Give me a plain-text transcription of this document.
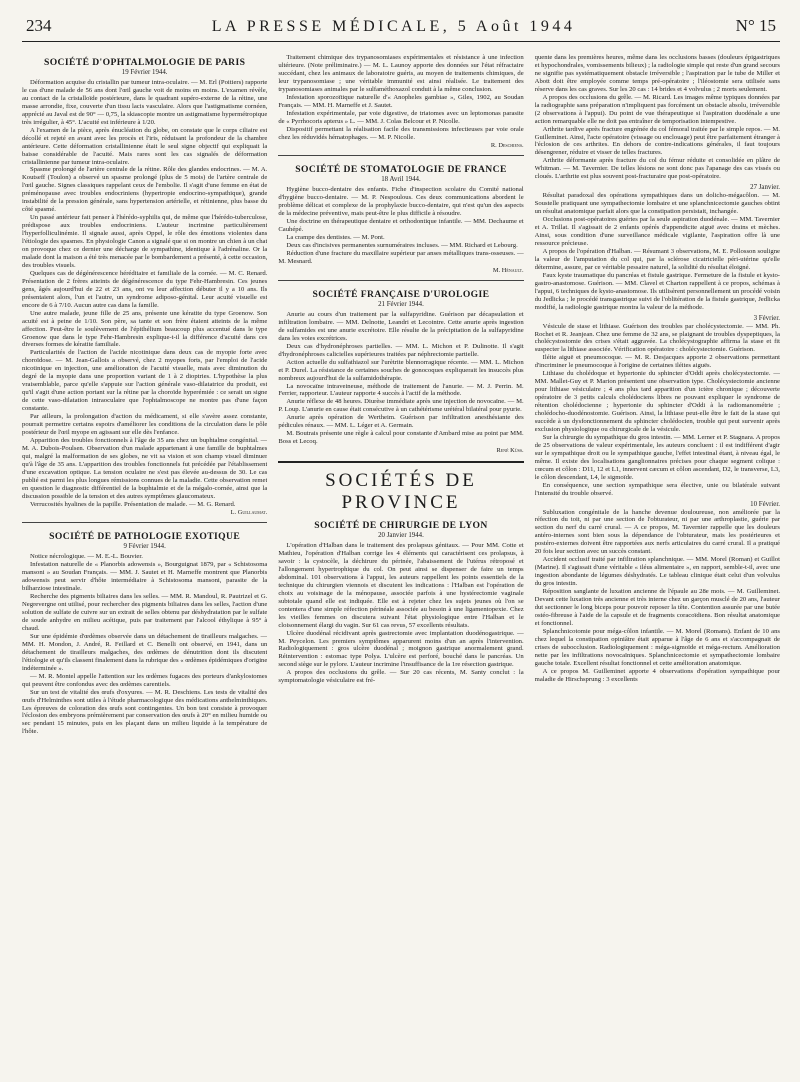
234	LA PRESSE MÉDICALE, 5 Août 1944	N° 15
SOCIÉTÉ D'OPHTALMOLOGIE DE PARIS
19 Février 1944.

Déformation acquise du cristallin par tumeur intra-oculaire. — M. Erl (Poitiers) rapporte le cas d'une malade de 56 ans dont l'œil gauche voit de moins en moins. L'examen révèle, au contact de la cristalloïde postérieure, dans le quadrant supéro-externe de la rétine, une masse arrondie, fixe, couverte d'un tissu lacis vasculaire. Alors que l'astigmatisme cornéen, apprécié au Javal est de 90° — 0,75, la skiascopie montre un astigmatisme hypermétropique très irrégulier, à 45°. L'acuité est inférieure à 1/20.

A l'examen de la pièce, après énucléation du globe, on constate que le corps ciliaire est décollé et rejeté en avant avec les procès et l'iris, réduisant la profondeur de la chambre antérieure. Cette déformation cristallinienne était le seul signe objectif qui expliquait la baisse considérable de l'acuité. Mais rares sont les cas signalés de déformation cristallinienne par tumeur intra-oculaire.

Spasme prolongé de l'artère centrale de la rétine. Rôle des glandes endocrines. — M. A. Koutseff (Toulon) a observé un spasme prolongé (plus de 5 mois) de l'artère centrale de l'œil gauche. Signes classiques rappelant ceux de l'embolie. Il s'agit d'une femme en état de préménopause avec troubles endocriniens (hypertropie endocrino-sympathique), grande instabilité de la pression générale, sans hypertension artérielle, et rétinienne, plus basse du côté spasmé.

Un passé antérieur fait penser à l'hérédo-syphilis qui, de même que l'hérédo-tuberculose, prédispose aux troubles endocriniens. L'auteur incrimine particulièrement l'hyperfolliculinémie. Il signale aussi, après Oppel, le rôle des émotions violentes dans l'étiologie des spasmes. En physiologie Canon a signalé que si on montre un chien à un chat on provoque chez ce dernier une décharge de sympathine, identique à l'adrénaline. Or la malade dont la maison a été très menacée par le bombardement a présenté, à cette occasion, des troubles visuels.

Quelques cas de dégénérescence héréditaire et familiale de la cornée. — M. C. Renard. Présentation de 2 frères atteints de dégénérescence du type Fehr-Hambresin. Ces jeunes gens, âgés aujourd'hui de 22 et 23 ans, ont vu leur affection débuter il y a 10 ans. Ils présentaient alors, l'un et l'autre, un syndrome adiposo-génital. Leur acuité visuelle est encore de 6 à 7/10. Aucun autre cas dans la famille.

Une autre malade, jeune fille de 25 ans, présente une kératite du type Groenow. Son acuité est à peine de 1/10. Son père, sa tante et son frère étaient atteints de la même affection. Peut-être le soulèvement de l'épithélium beaucoup plus accentué dans le type Groenow que dans le type Fehr-Hambresin explique-t-il la différence d'acuité dans ces diverses formes de kératite familiale.

Particularités de l'action de l'acide nicotinique dans deux cas de myopie forte avec choroïdose. — M. Jean-Gallois a observé, chez 2 myopes forts, par l'emploi de l'acide nicotinique en injection, une amélioration de l'acuité visuelle, mais avec diminution du degré de la myopie dans une proportion variant de 1 à 2 dioptries. L'hypothèse la plus vraisemblable, parce qu'elle s'appuie sur l'action générale vaso-dilatatrice du produit, est qu'il s'agit d'une action portant sur la rétine par la choroïde hyperémiée : ce serait un signe de cette vaso-dilatation intraoculaire que l'ophtalmoscope ne montre pas d'une façon constante.

Par ailleurs, la prolongation d'action du médicament, si elle s'avère assez constante, pourrait permettre certains espoirs d'améliorer les conditions de la circulation dans le pôle postérieur de l'œil myope en agissant sur elle dès l'enfance.

Apparition des troubles fonctionnels à l'âge de 35 ans chez un buphtalme congénital. — M. A. Dubois-Poulsen. Observation d'un malade appartenant à une famille de buphtalmes qui, malgré la malformation de ses globes, ne vit sa vision et son champ visuel diminuer qu'à l'âge de 35 ans. L'apparition des troubles fonctionnels fut précédée par l'établissement d'une excavation optique. La tension oculaire ne s'est pas élevée au-dessus de 30. Le cas publié est parmi les plus longues rémissions connues de la maladie. Cette observation remet en question le diagnostic différentiel de la buphtalmie et de la mégalo-cornée, ainsi que la discussion possible de la tension et des autres symptômes glaucomateux.

Verrucosités hyalines de la papille. Présentation de malade. — M. G. Renard.

L. Guillaumat.

SOCIÉTÉ DE PATHOLOGIE EXOTIQUE
9 Février 1944.

Notice nécrologique. — M. E.-L. Bouvier.

Infestation naturelle de « Planorbis adowensis », Bourguignat 1879, par « Schistosoma mansoni » au Soudan Français. — MM. J. Sautet et H. Marneffe montrent que Planorbis adowensis peut servir d'hôte intermédiaire à Schistosoma mansoni, parasite de la bilharziose intestinale.

Recherche des pigments biliaires dans les selles. — MM. R. Mandoul, R. Pautrizel et G. Negrevergne ont utilisé, pour rechercher des pigments biliaires dans les selles, l'action d'une solution de sulfate de cuivre sur un extrait de selles obtenu par déshydratation par le sulfate de soude anhydre en milieu acétique, puis par traitement par l'alcool éthylique à 95° à chaud.

Sur une épidémie d'œdèmes observée dans un détachement de tirailleurs malgaches. — MM. H. Mondon, J. André, R. Feillard et C. Benelli ont observé, en 1941, dans un détachement de tirailleurs malgaches, des œdèmes de dénutrition dont ils discutent l'étiologie et qu'ils classent finalement dans la rubrique des « œdèmes épidémiques d'origine indéterminée ».

— M. R. Montel appelle l'attention sur les œdèmes fugaces des porteurs d'ankylostomes qui peuvent être confondus avec des œdèmes carentiels.

Sur un test de vitalité des œufs d'oxyures. — M. R. Deschiens. Les tests de vitalité des œufs d'Helminthes sont utiles à l'étude pharmacologique des médications anthelminthiques. Les épreuves de coloration des œufs sont contingentes. Un bon test consiste à provoquer l'éclosion des embryons prémièrement par conservation des œufs à 20° en milieu humide ou sec pendant 15 minutes, puis en les plaçant dans un milieu liquide à la température de l'hôte.

Traitement chimique des trypanosomiases expérimentales et résistance à une infection ultérieure. (Note préliminaire.) — M. L. Launoy apporte des données sur l'état réfractaire succédant, chez les animaux de laboratoire guéris, au moyen de traitements chimiques, de leur trypanosomiase ; une véritable immunité est ainsi réalisée. Le traitement des trypanosomiases animales par le sulfaméthoxazol conduit à la même conclusion.

Infestation sporozoïtique naturelle d'« Anopheles gambiae », Giles, 1902, au Soudan Français. — MM. H. Marneffe et J. Sautet.

Infestation expérimentale, par voie digestive, de triatomes avec un leptomonas parasite de « Pyrrhocoris apterus » L. — MM. J. Colas Belcour et P. Nicolle.

Dispositif permettant la réalisation facile des transmissions infectieuses par voie orale chez les réduvidés hématophages. — M. P. Nicolle.

R. Deschiens.

SOCIÉTÉ DE STOMATOLOGIE DE FRANCE
18 Avril 1944.

Hygiène bucco-dentaire des enfants. Fiche d'inspection scolaire du Comité national d'hygiène bucco-dentaire. — M. P. Nespoulous. Ces deux communications abordent le problème délicat et complexe de la prophylaxie bucco-dentaire, qui n'est qu'un des aspects de la médecine préventive, mais peut-être le plus difficile à résoudre.

Une doctrine en thérapeutique dentaire et orthodontique infantile. — MM. Dechaume et Cauhépé.

La crampe des dentistes. — M. Pont.

Deux cas d'incisives permanentes surnuméraires incluses. — MM. Richard et Lebourg.

Réduction d'une fracture du maxillaire supérieur par anses métalliques trans-osseuses. — M. Mesnard.

M. Hénault.

SOCIÉTÉ FRANÇAISE D'UROLOGIE
21 Février 1944.

Anurie au cours d'un traitement par la sulfapyridine. Guérison par décapsulation et infiltration lombaire. — MM. Delnotte, Leandri et Lecointre. Cette anurie après ingestion de sulfamides est une anurie excrétoire. Elle résulte de la précipitation de la sulfapyridine dans les voies excrétrices.

Deux cas d'hydronéphroses partielles. — MM. L. Michon et P. Dulinotte. Il s'agit d'hydronéphroses calicielles supérieures traitées par néphrectomie partielle.

Action actuelle du sulfathiazol sur l'urètrite blennorragique récente. — MM. L. Michon et P. Durel. La résistance de certaines souches de gonocoques expliquerait les insuccès plus nombreux aujourd'hui de la sulfamidothérapie.

La novocaïne intraveineuse, méthode de traitement de l'anurie. — M. J. Perrin. M. Ferrier, rapporteur. L'auteur rapporte 4 succès à l'actif de la méthode.

Anurie réflexe de 48 heures. Diurèse immédiate après une injection de novocaïne. — M. P. Loup. L'anurie en cause était consécutive à un cathétérisme urétéral bilatéral pour pyurie.

Anurie après opération de Wertheim. Guérison par infiltration anesthésiante des pédicules rénaux. — MM. L. Léger et A. Germain.

M. Boutrais présente une règle à calcul pour constante d'Ambard mise au point par MM. Boss et Lecoq.

René Küss.

SOCIÉTÉS DE PROVINCE
SOCIÉTÉ DE CHIRURGIE DE LYON
20 Janvier 1944.

L'opération d'Halban dans le traitement des prolapsus génitaux. — Pour MM. Cotte et Mathieu, l'opération d'Halban corrige les 4 éléments qui caractérisent ces prolapsus, à savoir : la cystocèle, la déchirure du périnée, l'abaissement de l'utérus rétroposé et l'allongement hypertrophique du col. On peut ainsi se dispenser de faire un temps abdominal. 101 observations à l'appui, les auteurs rappellent les points essentiels de la technique du chirurgien viennois et discutent les indications : l'Halban est l'opération de choix au voisinage de la ménopause, associée parfois à une hystérectomie vaginale subtotale quand elle est indiquée. Elle est à rejeter chez les sujets jeunes où l'on se contentera d'une simple réfection périnéale associée au besoin à une ligamentopexie. Chez les vieilles femmes on discutera suivant l'état physiologique entre l'Halban et le cloisonnement élargi du vagin. Sur 61 cas revus, 57 excellents résultats.

Ulcère duodénal récidivant après gastrectomie avec implantation duodénogastrique. — M. Peycelon. Les premiers symptômes apparurent moins d'un an après l'intervention. Radiologiquement : gros ulcère duodénal ; moignon gastrique anormalement grand. Réintervention : estomac type Polya. L'ulcère est perforé, bouché dans le pancréas. Un second siège sur le pylore. L'auteur incrimine l'insuffisance de la 1re résection gastrique.

A propos des occlusions du grêle. — Sur 20 cas récents, M. Santy conclut : la symptomatologie vésiculaire est fré-

quente dans les premières heures, même dans les occlusions basses (douleurs épigastriques et hypochondrales, vomissements bilieux) ; la radiologie simple qui reste d'un grand secours ne signifie pas systématiquement obstacle irréversible ; l'aspiration par le tube de Miller et Abott doit être employée comme temps pré-opératoire ; l'iléostomie sera utilisée sans réserve dans les cas graves. Sur les 20 cas : 14 brides et 4 volvulus ; 2 morts seulement.

A propos des occlusions du grêle. — M. Ricard. Les images même typiques données par la radiographie sans préparation n'impliquent pas forcément un obstacle absolu, irréversible (2 observations à l'appui). Du point de vue thérapeutique si l'aspiration duodénale a une action remarquable elle ne doit pas entraîner de temporisation intempestive.

Arthrite tardive après fracture engrénée du col fémoral traitée par le simple repos. — M. Guilleminet. Ainsi, l'acte opératoire (vissage ou enclouage) peut être parfaitement étranger à l'éclosion de ces arthrites. En dehors de contre-indications générales, il faut toujours désengrener, réduire et visser de telles fractures.

Arthrite déformante après fracture du col du fémur réduite et consolidée en plâtre de Whitman. — M. Tavernier. De telles lésions ne sont donc pas l'apanage des cas vissés ou cloués. L'arthrite est plus souvent post-fracturaire que post-opératoire.

27 Janvier.

Résultat paradoxal des opérations sympathiques dans un dolicho-mégacôlon. — M. Soustelle pratiquant une sympathectomie lombaire et une splanchnicectomie gauches obtint un résultat anatomique parfait alors que la constipation persistait, inchangée.

Occlusions post-opératoires guéries par la seule aspiration duodénale. — MM. Tavernier et A. Trillat. Il s'agissait de 2 enfants opérés d'appendicite aiguë avec drains et mèches. Ainsi, sous condition d'une surveillance médicale vigilante, l'aspiration offre là une ressource précieuse.

A propos de l'opération d'Halban. — Résumant 3 observations, M. E. Pollosson souligne la valeur de l'amputation du col qui, par la sclérose cicatricielle péri-utérine qu'elle détermine, assure, par ce véritable pessaire naturel, la solidité du résultat éloigné.

Faux kyste traumatique du pancréas et fistule gastrique. Fermeture de la fistule et kysto-gastro-anastomose. Guérison. — MM. Clavel et Charton rappellent à ce propos, schémas à l'appui, 6 techniques de kysto-anastomose. Ils utilisèrent personnellement un procédé voisin du Jedlicka ; le procédé transgastrique suivi de l'oblitération de la fistule gastrique, Jedlicka modifié, la radiologie gastrique montra la valeur de la méthode.

3 Février.

Vésicule de stase et lithiase. Guérison des troubles par cholécystectomie. — MM. Ph. Rochet et R. Jeanjean. Chez une femme de 32 ans, se plaignant de troubles dyspeptiques, la cholécystostomie des crises s'était aggravée. La cholécystographie affirma la stase et fit suspecter la lithiase associée. Vérification opératoire : cholécystectomie. Guérison.

Iléite aiguë et pneumocoque. — M. R. Desjacques apporte 2 observations permettant d'incriminer le pneumocoque à l'origine de certaines iléites aiguës.

Lithiase du cholédoque et hypertonie du sphincter d'Oddi après cholécystectomie. — MM. Mallet-Guy et P. Marion présentent une observation type. Cholécystectomie ancienne pour lithiase vésiculaire ; 4 ans plus tard apparition d'un ictère chronique ; découverte opératoire de 3 petits calculs cholédociens libres ne pouvant expliquer le syndrome de rétention cholédocienne ; hypertonie du sphincter d'Oddi à la radiomanométrie ; cholédocho-duodénostomie. Guérison. Ainsi, la lithiase peut-elle être le fait de la stase qui succède à un dysfonctionnement du sphincter cholédocien, trouble qui peut survenir après exclusion physiologique ou chirurgicale de la vésicule.

Sur la chirurgie du sympathique du gros intestin. — MM. Lerner et P. Stagnara. A propos de 25 observations de valeur expérimentale, les auteurs concluent : il est indifférent d'agir sur le sympathique droit ou le sympathique gauche, l'effet intestinal étant, à niveau égal, le même. Il existe des localisations ganglionnaires précises pour chaque segment colique : cœcum et côlon : D11, 12 et L1, innervent cæcum et côlon ascendant, D2, le transverse, L3, le côlon descendant, L4, le sigmoïde.

En conséquence, une section sympathique sera élective, unie ou bilatérale suivant l'intensité du trouble observé.

10 Février.

Subluxation congénitale de la hanche devenue douloureuse, non améliorée par la réfection du toit, ni par une section de l'obturateur, ni par une arthroplastie, guérie par section du nerf du carré crural. — A ce propos, M. Tavernier rappelle que les douleurs antéro-internes sont bien sous la dépendance de l'obturateur, mais les postérieures et postéro-externes doivent être rapportées aux nerfs articulaires du carré crural. Il a pratiqué 20 fois leur section avec un succès constant.

Accident occlusif traité par infiltration splanchnique. — MM. Morel (Roman) et Guillot (Marine). Il s'agissait d'une véritable « iléus alimentaire », en rapport, semble-t-il, avec une ingestion abondante de légumes déshydratés. Le tableau clinique était celui d'un volvulus du gros intestin.

Réposition sanglante de luxation ancienne de l'épaule au 28e mois. — M. Guilleminet. Devant cette luxation très ancienne et très interne chez un garçon musclé de 20 ans, l'auteur dut sectionner le long biceps pour pouvoir reposer la tête. Contention assurée par une butée ostéo-fibreuse à l'aide de la capsule et de fragments coracoïdiens. Bon résultat anatomique et fonctionnel.

Splanchnicotomie pour méga-côlon infantile. — M. Morel (Romans). Enfant de 10 ans chez lequel la constipation opiniâtre était apparue à l'âge de 6 ans et s'accompagnait de crises de subocclusion. Radiologiquement : méga-sigmoïde et méga-rectum. Amélioration nette par les infiltrations novocaïniques. Splanchnicectomie et sympathectomie lombaire gauche totale. Excellent résultat fonctionnel et cette amélioration anatomique.

A ce propos M. Guilleminet apporte 4 observations d'opération sympathique pour maladie de Hirschsprung : 3 excellents
